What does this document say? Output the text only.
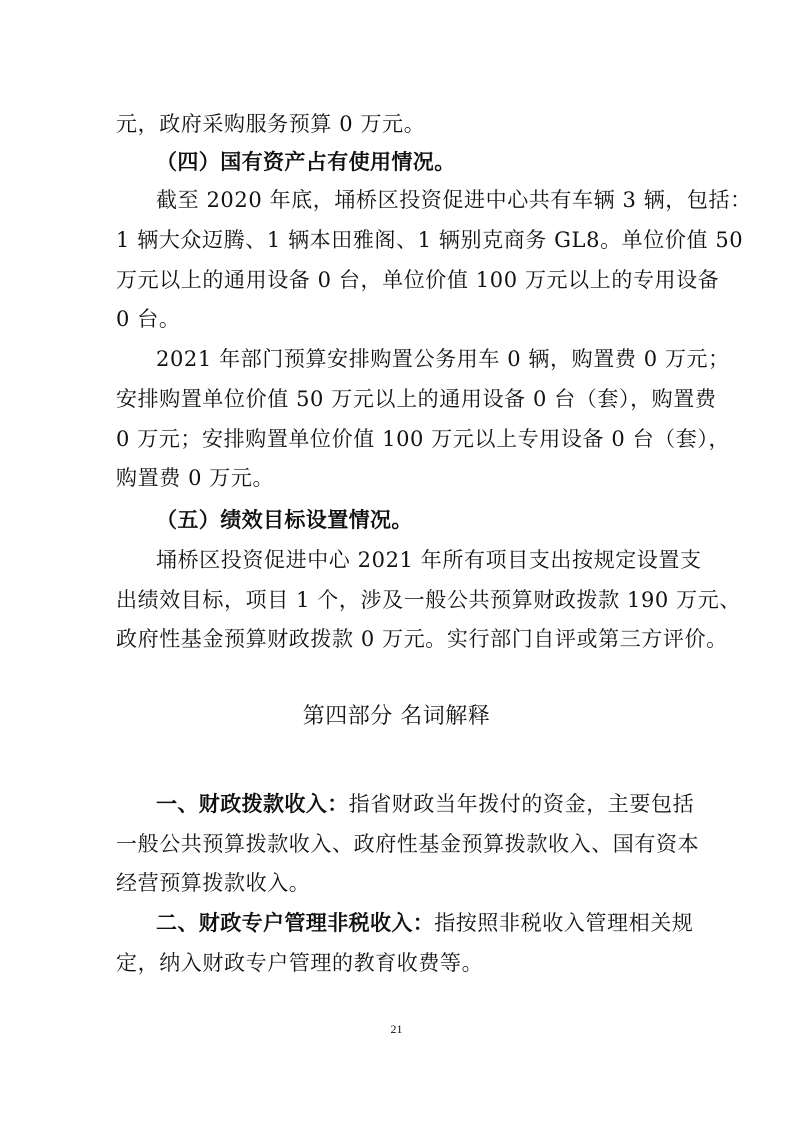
元，政府采购服务预算 0 万元。
（四）国有资产占有使用情况。
截至 2020 年底，埇桥区投资促进中心共有车辆 3 辆，包括：
1 辆大众迈腾、1 辆本田雅阁、1 辆别克商务 GL8。单位价值 50
万元以上的通用设备 0 台，单位价值 100 万元以上的专用设备
0 台。
2021 年部门预算安排购置公务用车 0 辆，购置费 0 万元；
安排购置单位价值 50 万元以上的通用设备 0 台（套），购置费
0 万元；安排购置单位价值 100 万元以上专用设备 0 台（套），
购置费 0 万元。
（五）绩效目标设置情况。
埇桥区投资促进中心 2021 年所有项目支出按规定设置支
出绩效目标，项目 1 个，涉及一般公共预算财政拨款 190 万元、
政府性基金预算财政拨款 0 万元。实行部门自评或第三方评价。
第四部分 名词解释
一、财政拨款收入：指省财政当年拨付的资金，主要包括
一般公共预算拨款收入、政府性基金预算拨款收入、国有资本
经营预算拨款收入。
二、财政专户管理非税收入：指按照非税收入管理相关规
定，纳入财政专户管理的教育收费等。
21
